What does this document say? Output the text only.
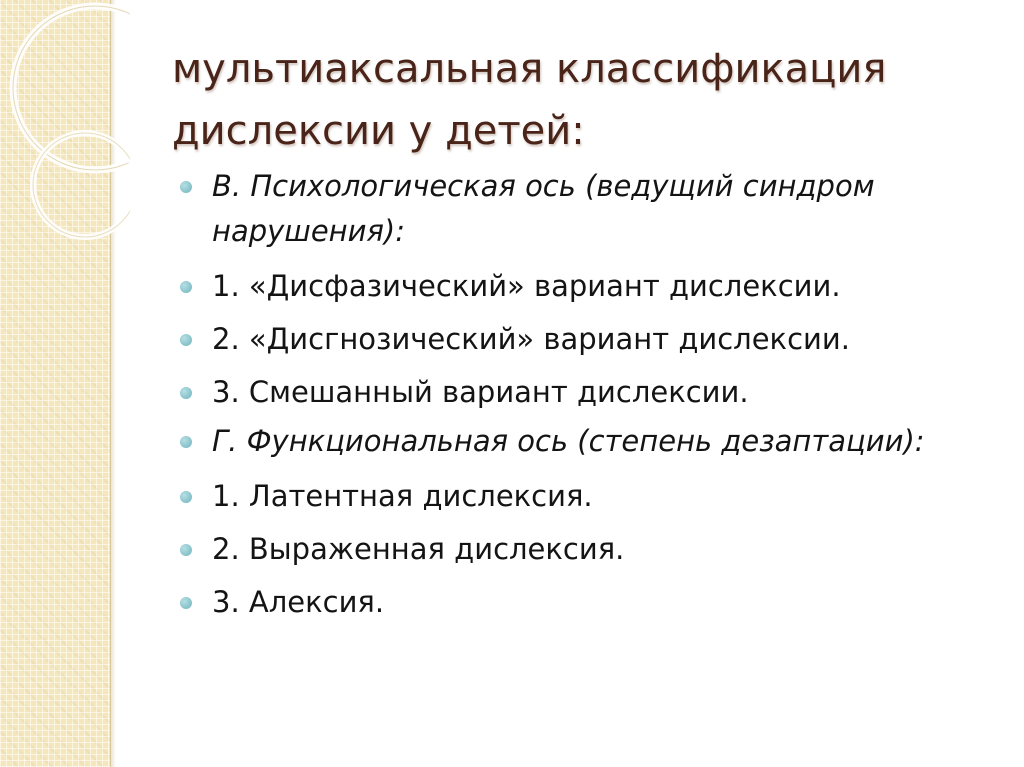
мультиаксальная классификация
дислексии у детей:
В. Психологическая ось (ведущий синдром нарушения):
1. «Дисфазический» вариант дислексии.
2. «Дисгнозический» вариант дислексии.
3. Смешанный вариант дислексии.
Г. Функциональная ось (степень дезаптации):
1. Латентная дислексия.
2. Выраженная дислексия.
3. Алексия.
